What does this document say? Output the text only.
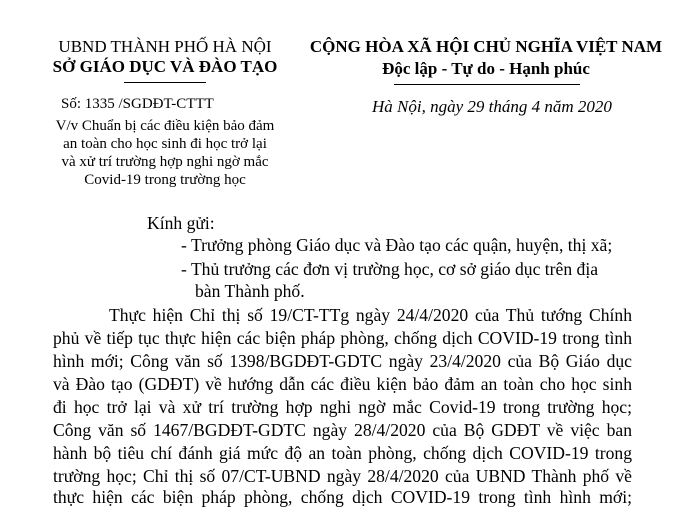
UBND THÀNH PHỐ HÀ NỘI
SỞ GIÁO DỤC VÀ ĐÀO TẠO
Số: 1335 /SGDĐT-CTTT
V/v Chuẩn bị các điều kiện bảo đảm
an toàn cho học sinh đi học trở lại
và xử trí trường hợp nghi ngờ mắc
Covid-19 trong trường học
CỘNG HÒA XÃ HỘI CHỦ NGHĨA VIỆT NAM
Độc lập - Tự do - Hạnh phúc
Hà Nội, ngày 29 tháng 4 năm 2020
Kính gửi:
- Trưởng phòng Giáo dục và Đào tạo các quận, huyện, thị xã;
- Thủ trưởng các đơn vị trường học, cơ sở giáo dục trên địa
bàn Thành phố.
Thực hiện Chỉ thị số 19/CT-TTg ngày 24/4/2020 của Thủ tướng Chính
phủ về tiếp tục thực hiện các biện pháp phòng, chống dịch COVID-19 trong tình
hình mới; Công văn số 1398/BGDĐT-GDTC ngày 23/4/2020 của Bộ Giáo dục
và Đào tạo (GDĐT) về hướng dẫn các điều kiện bảo đảm an toàn cho học sinh
đi học trở lại và xử trí trường hợp nghi ngờ mắc Covid-19 trong trường học;
Công văn số 1467/BGDĐT-GDTC ngày 28/4/2020 của Bộ GDĐT về việc ban
hành bộ tiêu chí đánh giá mức độ an toàn phòng, chống dịch COVID-19 trong
trường học; Chỉ thị số 07/CT-UBND ngày 28/4/2020 của UBND Thành phố về
thực hiện các biện pháp phòng, chống dịch COVID-19 trong tình hình mới;
